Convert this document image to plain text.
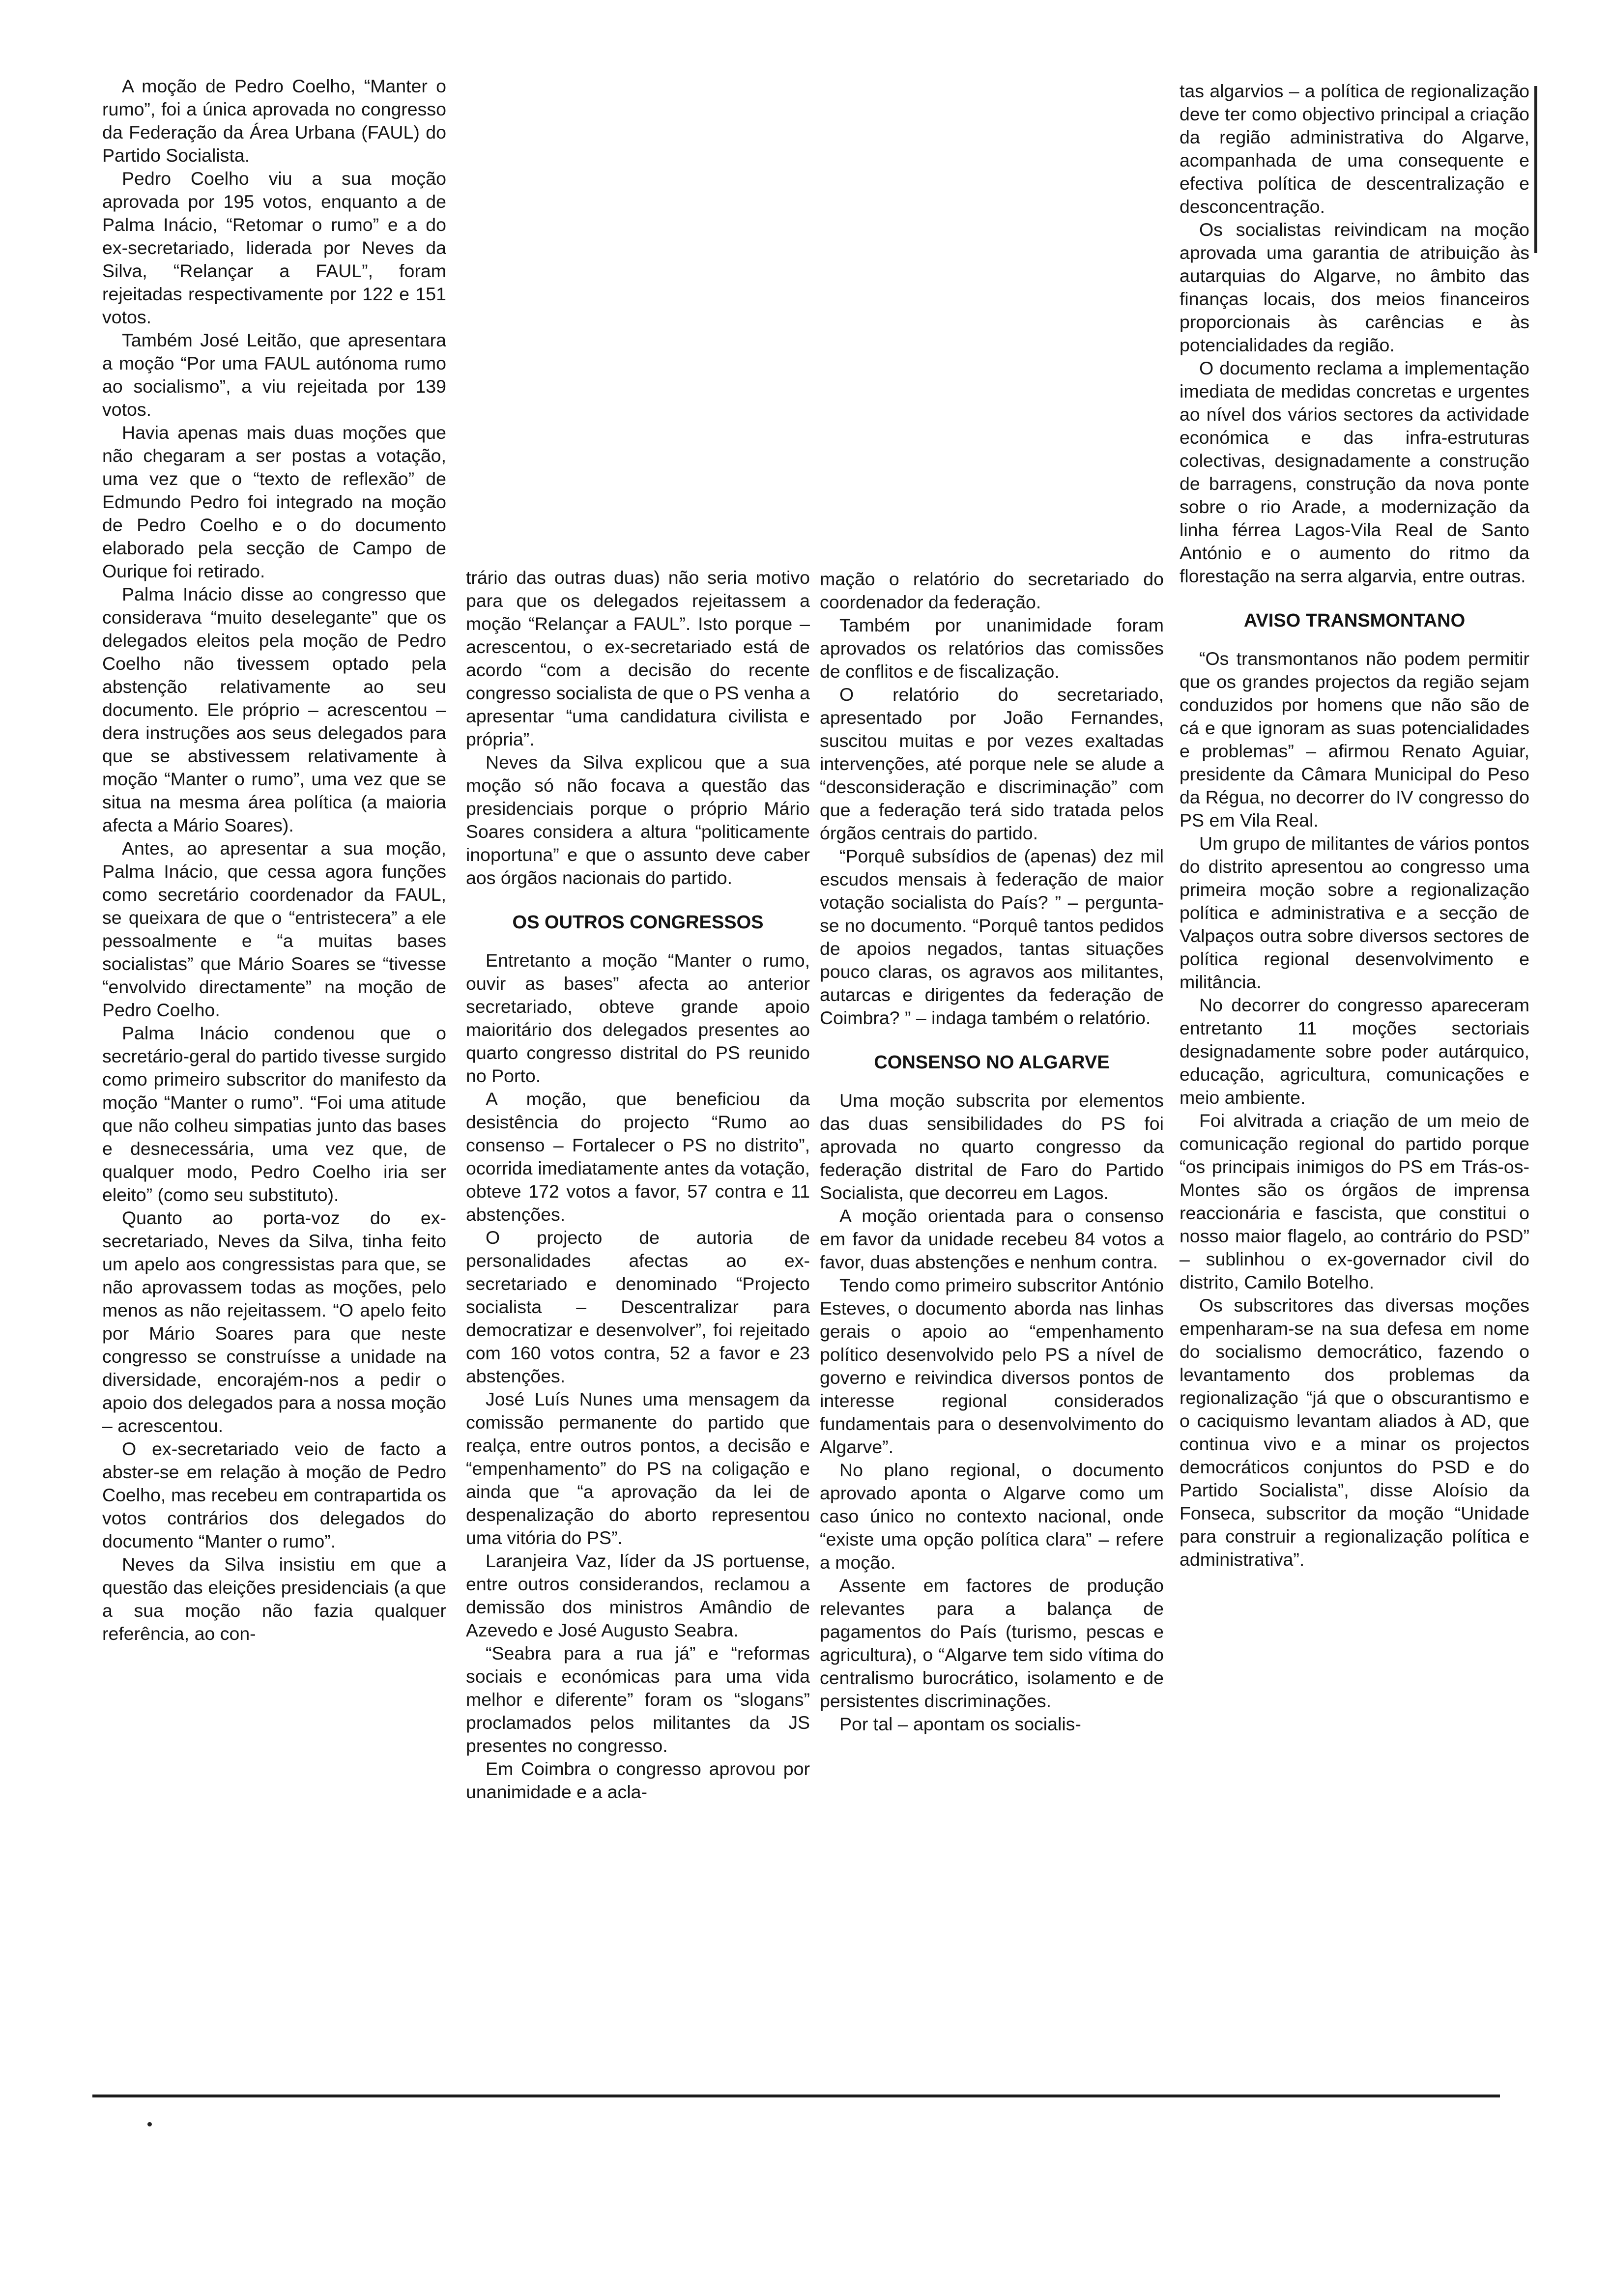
A moção de Pedro Coelho, “Manter o rumo”, foi a única aprovada no congresso da Federação da Área Urbana (FAUL) do Partido Socialista.

Pedro Coelho viu a sua moção aprovada por 195 votos, enquanto a de Palma Inácio, “Retomar o rumo” e a do ex-secretariado, liderada por Neves da Silva, “Relançar a FAUL”, foram rejeitadas respectivamente por 122 e 151 votos.

Também José Leitão, que apresentara a moção “Por uma FAUL autónoma rumo ao socialismo”, a viu rejeitada por 139 votos.

Havia apenas mais duas moções que não chegaram a ser postas a votação, uma vez que o “texto de reflexão” de Edmundo Pedro foi integrado na moção de Pedro Coelho e o do documento elaborado pela secção de Campo de Ourique foi retirado.

Palma Inácio disse ao congresso que considerava “muito deselegante” que os delegados eleitos pela moção de Pedro Coelho não tivessem optado pela abstenção relativamente ao seu documento. Ele próprio – acrescentou – dera instruções aos seus delegados para que se abstivessem relativamente à moção “Manter o rumo”, uma vez que se situa na mesma área política (a maioria afecta a Mário Soares).

Antes, ao apresentar a sua moção, Palma Inácio, que cessa agora funções como secretário coordenador da FAUL, se queixara de que o “entristecera” a ele pessoalmente e “a muitas bases socialistas” que Mário Soares se “tivesse “envolvido directamente” na moção de Pedro Coelho.

Palma Inácio condenou que o secretário-geral do partido tivesse surgido como primeiro subscritor do manifesto da moção “Manter o rumo”. “Foi uma atitude que não colheu simpatias junto das bases e desnecessária, uma vez que, de qualquer modo, Pedro Coelho iria ser eleito” (como seu substituto).

Quanto ao porta-voz do ex-secretariado, Neves da Silva, tinha feito um apelo aos congressistas para que, se não aprovassem todas as moções, pelo menos as não rejeitassem. “O apelo feito por Mário Soares para que neste congresso se construísse a unidade na diversidade, encorajém-nos a pedir o apoio dos delegados para a nossa moção – acrescentou.

O ex-secretariado veio de facto a abster-se em relação à moção de Pedro Coelho, mas recebeu em contrapartida os votos contrários dos delegados do documento “Manter o rumo”.

Neves da Silva insistiu em que a questão das eleições presidenciais (a que a sua moção não fazia qualquer referência, ao con-

trário das outras duas) não seria motivo para que os delegados rejeitassem a moção “Relançar a FAUL”. Isto porque – acrescentou, o ex-secretariado está de acordo “com a decisão do recente congresso socialista de que o PS venha a apresentar “uma candidatura civilista e própria”.

Neves da Silva explicou que a sua moção só não focava a questão das presidenciais porque o próprio Mário Soares considera a altura “politicamente inoportuna” e que o assunto deve caber aos órgãos nacionais do partido.

OS OUTROS CONGRESSOS

Entretanto a moção “Manter o rumo, ouvir as bases” afecta ao anterior secretariado, obteve grande apoio maioritário dos delegados presentes ao quarto congresso distrital do PS reunido no Porto.

A moção, que beneficiou da desistência do projecto “Rumo ao consenso – Fortalecer o PS no distrito”, ocorrida imediatamente antes da votação, obteve 172 votos a favor, 57 contra e 11 abstenções.

O projecto de autoria de personalidades afectas ao ex-secretariado e denominado “Projecto socialista – Descentralizar para democratizar e desenvolver”, foi rejeitado com 160 votos contra, 52 a favor e 23 abstenções.

José Luís Nunes uma mensagem da comissão permanente do partido que realça, entre outros pontos, a decisão e “empenhamento” do PS na coligação e ainda que “a aprovação da lei de despenalização do aborto representou uma vitória do PS”.

Laranjeira Vaz, líder da JS portuense, entre outros considerandos, reclamou a demissão dos ministros Amândio de Azevedo e José Augusto Seabra.

“Seabra para a rua já” e “reformas sociais e económicas para uma vida melhor e diferente” foram os “slogans” proclamados pelos militantes da JS presentes no congresso.

Em Coimbra o congresso aprovou por unanimidade e a acla-

mação o relatório do secretariado do coordenador da federação.

Também por unanimidade foram aprovados os relatórios das comissões de conflitos e de fiscalização.

O relatório do secretariado, apresentado por João Fernandes, suscitou muitas e por vezes exaltadas intervenções, até porque nele se alude a “desconsideração e discriminação” com que a federação terá sido tratada pelos órgãos centrais do partido.

“Porquê subsídios de (apenas) dez mil escudos mensais à federação de maior votação socialista do País? ” – pergunta-se no documento. “Porquê tantos pedidos de apoios negados, tantas situações pouco claras, os agravos aos militantes, autarcas e dirigentes da federação de Coimbra? ” – indaga também o relatório.

CONSENSO NO ALGARVE

Uma moção subscrita por elementos das duas sensibilidades do PS foi aprovada no quarto congresso da federação distrital de Faro do Partido Socialista, que decorreu em Lagos.

A moção orientada para o consenso em favor da unidade recebeu 84 votos a favor, duas abstenções e nenhum contra.

Tendo como primeiro subscritor António Esteves, o documento aborda nas linhas gerais o apoio ao “empenhamento político desenvolvido pelo PS a nível de governo e reivindica diversos pontos de interesse regional considerados fundamentais para o desenvolvimento do Algarve”.

No plano regional, o documento aprovado aponta o Algarve como um caso único no contexto nacional, onde “existe uma opção política clara” – refere a moção.

Assente em factores de produção relevantes para a balança de pagamentos do País (turismo, pescas e agricultura), o “Algarve tem sido vítima do centralismo burocrático, isolamento e de persistentes discriminações.

Por tal – apontam os socialis-

tas algarvios – a política de regionalização deve ter como objectivo principal a criação da região administrativa do Algarve, acompanhada de uma consequente e efectiva política de descentralização e desconcentração.

Os socialistas reivindicam na moção aprovada uma garantia de atribuição às autarquias do Algarve, no âmbito das finanças locais, dos meios financeiros proporcionais às carências e às potencialidades da região.

O documento reclama a implementação imediata de medidas concretas e urgentes ao nível dos vários sectores da actividade económica e das infra-estruturas colectivas, designadamente a construção de barragens, construção da nova ponte sobre o rio Arade, a modernização da linha férrea Lagos-Vila Real de Santo António e o aumento do ritmo da florestação na serra algarvia, entre outras.

AVISO TRANSMONTANO

“Os transmontanos não podem permitir que os grandes projectos da região sejam conduzidos por homens que não são de cá e que ignoram as suas potencialidades e problemas” – afirmou Renato Aguiar, presidente da Câmara Municipal do Peso da Régua, no decorrer do IV congresso do PS em Vila Real.

Um grupo de militantes de vários pontos do distrito apresentou ao congresso uma primeira moção sobre a regionalização política e administrativa e a secção de Valpaços outra sobre diversos sectores de política regional desenvolvimento e militância.

No decorrer do congresso apareceram entretanto 11 moções sectoriais designadamente sobre poder autárquico, educação, agricultura, comunicações e meio ambiente.

Foi alvitrada a criação de um meio de comunicação regional do partido porque “os principais inimigos do PS em Trás-os-Montes são os órgãos de imprensa reaccionária e fascista, que constitui o nosso maior flagelo, ao contrário do PSD” – sublinhou o ex-governador civil do distrito, Camilo Botelho.

Os subscritores das diversas moções empenharam-se na sua defesa em nome do socialismo democrático, fazendo o levantamento dos problemas da regionalização “já que o obscurantismo e o caciquismo levantam aliados à AD, que continua vivo e a minar os projectos democráticos conjuntos do PSD e do Partido Socialista”, disse Aloísio da Fonseca, subscritor da moção “Unidade para construir a regionalização política e administrativa”.
